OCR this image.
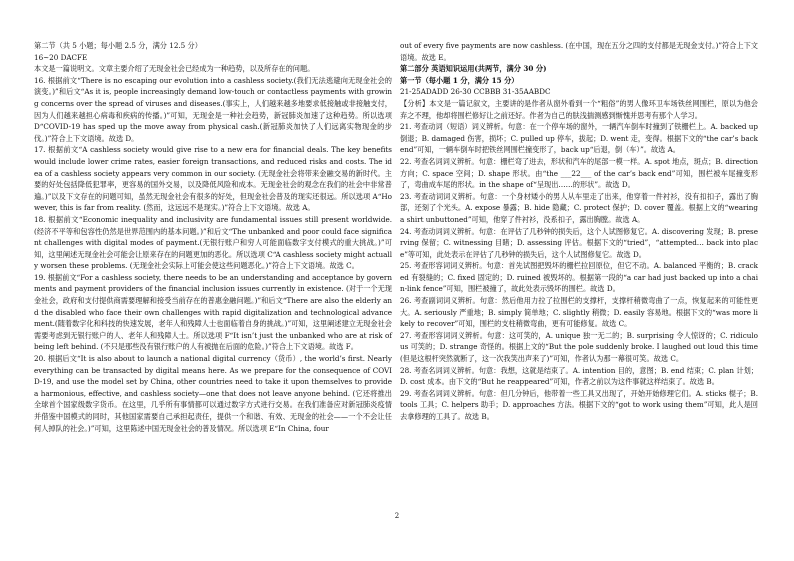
第二节（共 5 小题；每小题 2.5 分，满分 12.5 分）

16~20 DACFE

本文是一篇说明文。文章主要介绍了无现金社会已经成为一种趋势，以及所存在的问题。

16. 根据前文“There is no escaping our evolution into a cashless society.(我们无法逃避向无现金社会的演变。)”和后文“As it is, people increasingly demand low-touch or contactless payments with growing concerns over the spread of viruses and diseases.(事实上，人们越来越多地要求低接触或非接触支付，因为人们越来越担心病毒和疾病的传播。)”可知，无现金是一种社会趋势，新冠肺炎加速了这种趋势。所以选项 D“COVID-19 has sped up the move away from physical cash.(新冠肺炎加快了人们远离实物现金的步伐。)”符合上下文语境。故选 D。

17. 根据前文“A cashless society would give rise to a new era for financial deals. The key benefits would include lower crime rates, easier foreign transactions, and reduced risks and costs. The idea of a cashless society appears very common in our society. (无现金社会将带来金融交易的新时代。主要的好处包括降低犯罪率，更容易的国外交易，以及降低风险和成本。无现金社会的观念在我们的社会中非常普遍。)”以及下文存在的问题可知，虽然无现金社会有很多的好处，但现金社会普及的现实还很远。所以选项 A“However, this is far from reality. (然而，这远远不是现实。)”符合上下文语境。故选 A。

18. 根据前文“Economic inequality and inclusivity are fundamental issues still present worldwide. (经济不平等和包容性仍然是世界范围内的基本问题。)”和后文“The unbanked and poor could face significant challenges with digital modes of payment.(无银行账户和穷人可能面临数字支付模式的重大挑战。)”可知，这里阐述无现金社会可能会让原来存在的问题更加的恶化。所以选项 C“A cashless society might actually worsen these problems. (无现金社会实际上可能会使这些问题恶化。)”符合上下文语境。故选 C。

19. 根据前文“For a cashless society, there needs to be an understanding and acceptance by governments and payment providers of the financial inclusion issues currently in existence. (对于一个无现金社会，政府和支付提供商需要理解和接受当前存在的普惠金融问题。)”和后文“There are also the elderly and the disabled who face their own challenges with rapid digitalization and technological advancement.(随着数字化和科技的快速发展，老年人和残障人士也面临着自身的挑战。)”可知，这里阐述建立无现金社会需要考虑到无银行账户的人、老年人和残障人士。所以选项 F“It isn’t just the unbanked who are at risk of being left behind. (不只是那些没有银行账户的人有被抛在后面的危险。)”符合上下文语境。故选 F。

20. 根据后文“It is also about to launch a national digital currency（货币）, the world’s first. Nearly everything can be transacted by digital means here. As we prepare for the consequence of COVID-19, and use the model set by China, other countries need to take it upon themselves to provide a harmonious, effective, and cashless society—one that does not leave anyone behind. (它还将推出全球首个国家级数字货币。在这里，几乎所有事情都可以通过数字方式进行交易。在我们准备应对新冠肺炎疫情并借鉴中国模式的同时，其他国家需要自己承担起责任，提供一个和谐、有效、无现金的社会——一个不会让任何人掉队的社会。)”可知，这里陈述中国无现金社会的普及情况。所以选项 E“In China, four

out of every five payments are now cashless. (在中国，现在五分之四的支付都是无现金支付。)”符合上下文语境。故选 E。

第二部分 英语知识运用(共两节，满分 30 分)

第一节（每小题 1 分，满分 15 分）

21-25ADADD 26-30 CCBBB 31-35AABDC

【分析】本文是一篇记叙文，主要讲的是作者从窗外看到一个“粗俗”的男人像环卫车场铁丝网围栏，原以为他会弃之不理，他却将围栏修好让之前还好。作者为自己的肤浅揣测感到惭愧并思考有那个人学习。

21. 考查动词（短语）词义辨析。句意：在一个停车场的窗外，一辆汽车倒车时撞到了铁栅栏上。A. backed up 倒退；B. damaged 伤害，损坏；C. pulled up 停车，拔起；D. went 走，变得。根据下文的“the car’s back end”可知，一辆车倒车时把铁丝网围栏撞变形了，back up“后退，倒（车）”。故选 A。

22. 考查名词词义辨析。句意：栅栏弯了进去，形状和汽车的尾部一模一样。A. spot 地点，斑点；B. direction 方向；C. space 空间；D. shape 形状。由“the ___22___ of the car’s back end”可知，围栏被车尾撞变形了，弯曲成车尾的形状。in the shape of“呈现出……的形状”。故选 D。

23. 考查动词词义辨析。句意：一个身材矮小的男人从车里走了出来，他穿着一件衬衫，没有扣扣子，露出了胸部，还刻了个光头。A. expose 暴露；B. hide 隐藏；C. protect 保护；D. cover 覆盖。根据上文的“wearing a shirt unbuttoned”可知，他穿了件衬衫，没系扣子，露出胸膛。故选 A。

24. 考查动词词义辨析。句意：在评估了几秒钟的损失后，这个人试图修复它。A. discovering 发现；B. preserving 保留；C. witnessing 目睹；D. assessing 评估。根据下文的“tried”，“attempted… back into place”等可知，此处表示在评估了几秒钟的损失后，这个人试图修复它。故选 D。

25. 考查形容词词义辨析。句意：首先试图把毁坏的栅栏拉回原位，但它不动。A. balanced 平衡的；B. cracked 有裂缝的；C. fixed 固定的；D. ruined 被毁坏的。根据第一段的“a car had just backed up into a chain-link fence”可知，围栏被撞了，故此处表示毁坏的围栏。故选 D。

26. 考查副词词义辨析。句意：然后他用力拉了拉围栏的支撑杆，支撑杆稍微弯曲了一点，恢复起来的可能性更大。A. seriously 严重地；B. simply 简单地；C. slightly 稍微；D. easily 容易地。根据下文的“was more likely to recover”可知，围栏的支柱稍微弯曲，更有可能修复。故选 C。

27. 考查形容词词义辨析。句意：这可笑的，A. unique 独一无二的；B. surprising 令人惊讶的；C. ridiculous 可笑的；D. strange 奇怪的。根据上文的“But the pole suddenly broke. I laughed out loud this time (但是这根杆突然就断了，这一次我笑出声来了)”可知，作者认为那一幕很可笑。故选 C。

28. 考查名词词义辨析。句意：我想，这就是结束了。A. intention 目的，意图；B. end 结束；C. plan 计划；D. cost 成本。由下文的“But he reappeared”可知，作者之前以为这件事就这样结束了。故选 B。

29. 考查名词词义辨析。句意：但几分钟后，他带着一些工具又出现了，开始开始修理它们。A. sticks 棍子；B. tools 工具；C. helpers 助手；D. approaches 方法。根据下文的“got to work using them”可知，此人是回去拿修理的工具了。故选 B。

2
